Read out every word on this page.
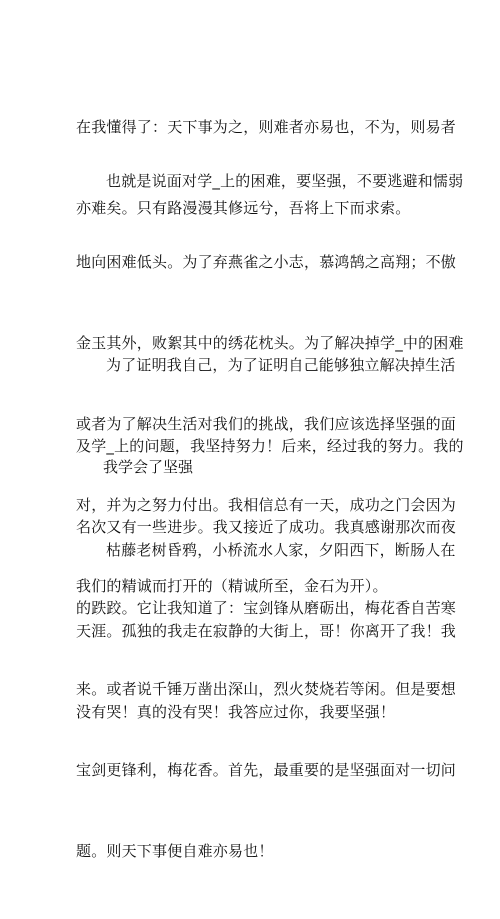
在我懂得了：天下事为之，则难者亦易也，不为，则易者

亦难矣。只有路漫漫其修远兮，吾将上下而求索。

也就是说面对学_上的困难，要坚强，不要逃避和懦弱

地向困难低头。为了弃燕雀之小志，慕鸿鹄之高翔；不傲

金玉其外，败絮其中的绣花枕头。为了解决掉学_中的困难

或者为了解决生活对我们的挑战，我们应该选择坚强的面

对，并为之努力付出。我相信总有一天，成功之门会因为

我们的精诚而打开的（精诚所至，金石为开）。

为了证明我自己，为了证明自己能够独立解决掉生活

及学_上的问题，我坚持努力！后来，经过我的努力。我的

名次又有一些进步。我又接近了成功。我真感谢那次而夜

的跌跤。它让我知道了：宝剑锋从磨砺出，梅花香自苦寒

来。或者说千锤万凿出深山，烈火焚烧若等闲。但是要想

宝剑更锋利，梅花香。首先，最重要的是坚强面对一切问

题。则天下事便自难亦易也！

我学会了坚强

枯藤老树昏鸦，小桥流水人家，夕阳西下，断肠人在

天涯。孤独的我走在寂静的大街上，哥！你离开了我！我

没有哭！真的没有哭！我答应过你，我要坚强！
